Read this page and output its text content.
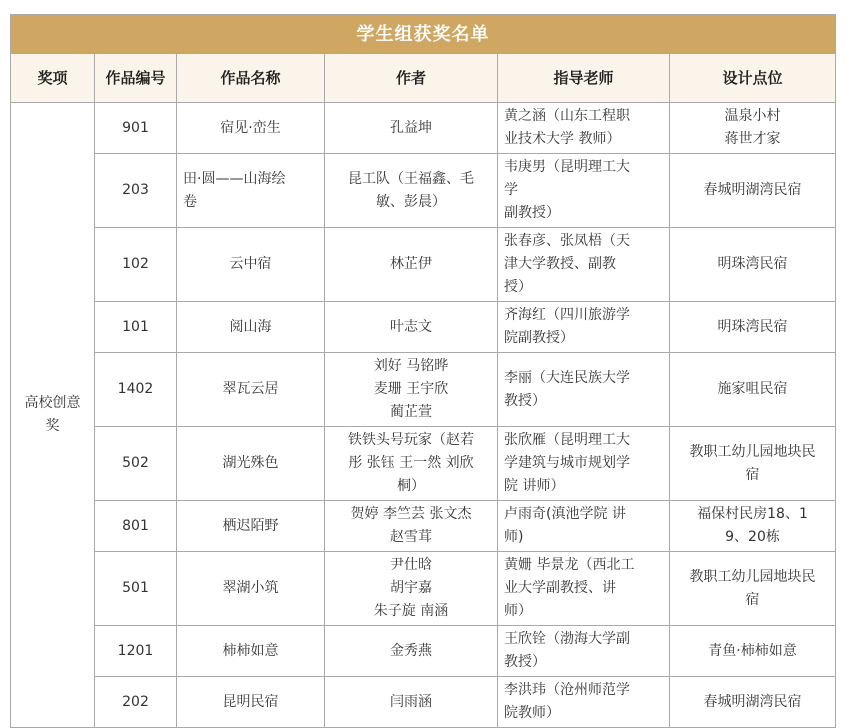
学生组获奖名单					
奖项	作品编号	作品名称	作者	指导老师	设计点位

高校创意
奖	901	宿见·峦生	孔益坤	黄之涵（山东工程职
业技术大学 教师）	温泉小村
蒋世才家

	203	田·圆——山海绘
卷	昆工队（王福鑫、毛
敏、彭晨）	韦庚男（昆明理工大
学
副教授）	春城明湖湾民宿

	102	云中宿	林芷伊	张春彦、张凤梧（天
津大学教授、副教
授）	明珠湾民宿

	101	阅山海	叶志文	齐海红（四川旅游学
院副教授）	明珠湾民宿

	1402	翠瓦云居	刘好 马铭晔
麦珊 王宇欣
蔺芷萱	李丽（大连民族大学
教授）	施家咀民宿

	502	湖光殊色	铁铁头号玩家（赵若
彤 张钰 王一然 刘欣
桐）	张欣雁（昆明理工大
学建筑与城市规划学
院 讲师）	教职工幼儿园地块民
宿

	801	栖迟陌野	贺婷 李竺芸 张文杰
赵雪茸	卢雨奇(滇池学院 讲
师)	福保村民房18、1
9、20栋

	501	翠湖小筑	尹仕晗
胡宇嘉
朱子旋 南涵	黄姗 毕景龙（西北工
业大学副教授、讲
师）	教职工幼儿园地块民
宿

	1201	柿柿如意	金秀燕	王欣铨（渤海大学副
教授）	青鱼·柿柿如意

	202	昆明民宿	闫雨涵	李洪玮（沧州师范学
院教师）	春城明湖湾民宿
